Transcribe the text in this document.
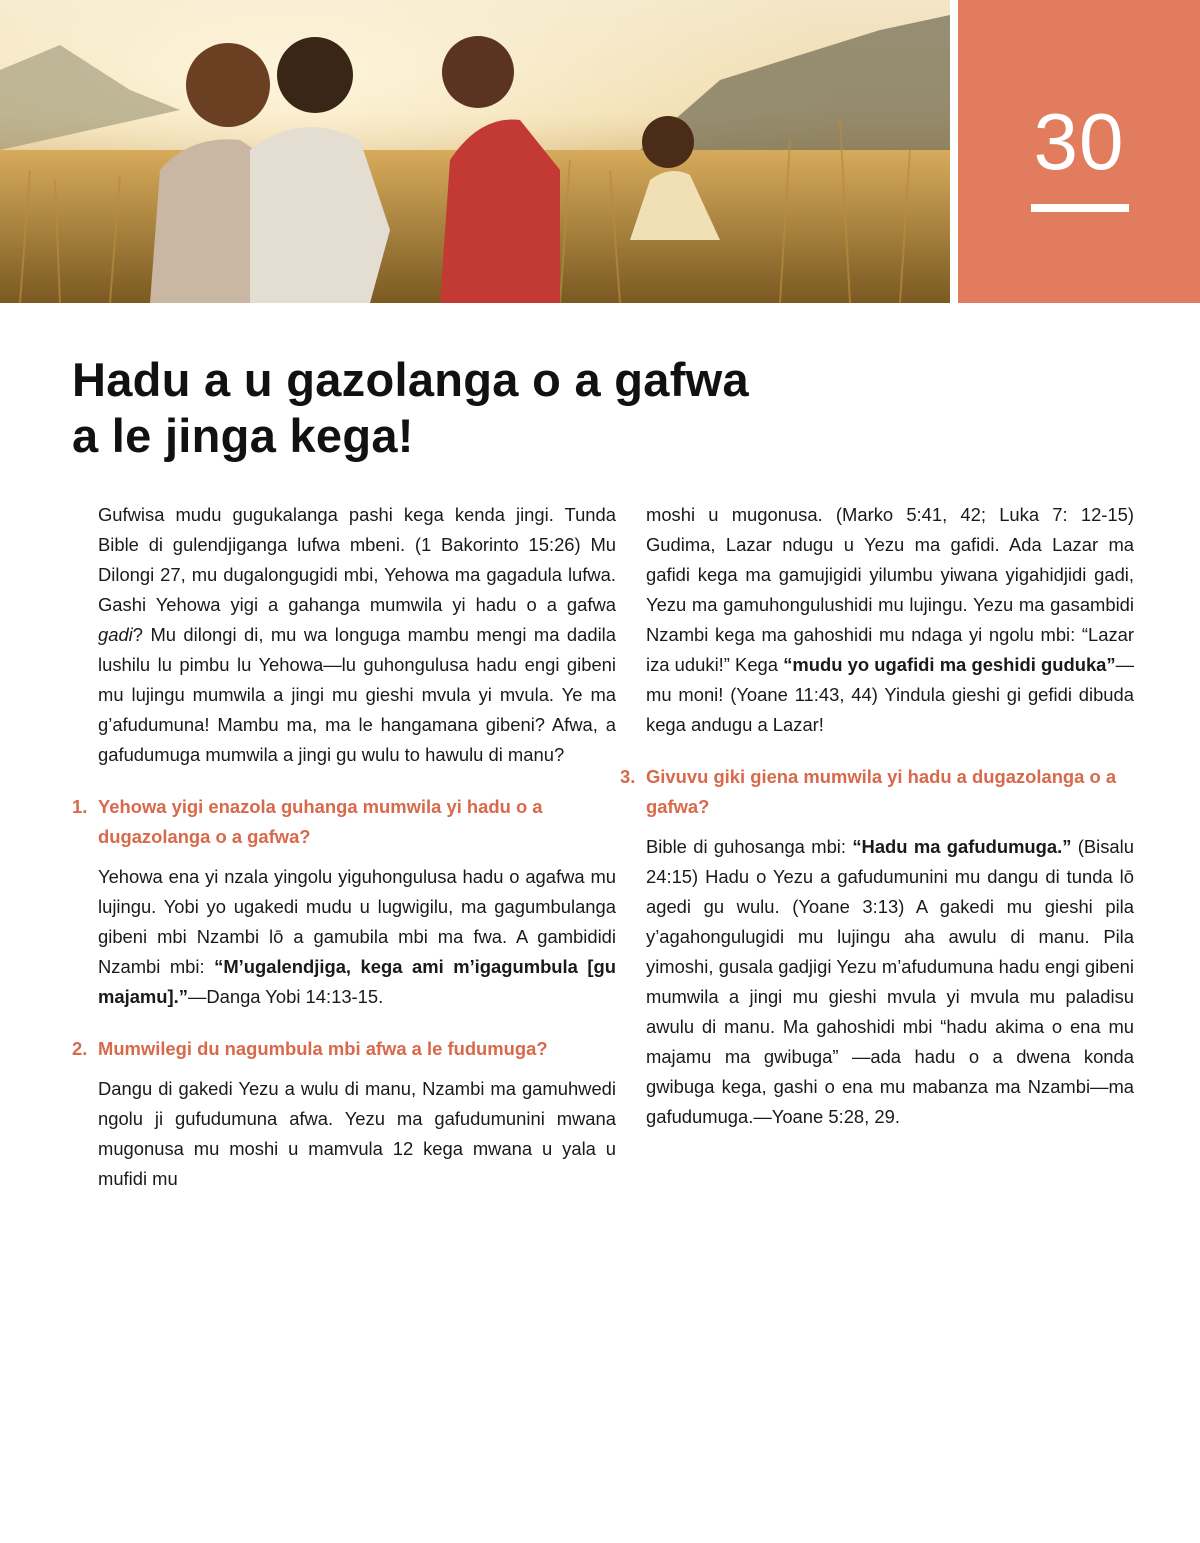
30
Hadu a u gazolanga o a gafwa a le jinga kega!

Gufwisa mudu gugukalanga pashi kega kenda jingi. Tunda Bible di gulendjiganga lufwa mbeni. (1 Bakorinto 15:26) Mu Dilongi 27, mu dugalongugidi mbi, Yehowa ma gagadula lufwa. Gashi Yehowa yigi a gahanga mumwila yi hadu o a gafwa gadi? Mu dilongi di, mu wa longuga mambu mengi ma dadila lushilu lu pimbu lu Yehowa—lu guhongulusa hadu engi gibeni mu lujingu mumwila a jingi mu gieshi mvula yi mvula. Ye ma g’afudumuna! Mambu ma, ma le hangamana gibeni? Afwa, a gafudumuga mumwila a jingi gu wulu to hawulu di manu?

1. Yehowa yigi enazola guhanga mumwila yi hadu o a dugazolanga o a gafwa?

Yehowa ena yi nzala yingolu yiguhongulusa hadu o agafwa mu lujingu. Yobi yo ugakedi mudu u lugwigilu, ma gagumbulanga gibeni mbi Nzambi lō a gamubila mbi ma fwa. A gambididi Nzambi mbi: “M’ugalendjiga, kega ami m’igagumbula [gu majamu].”—Danga Yobi 14:13-15.

2. Mumwilegi du nagumbula mbi afwa a le fudumuga?

Dangu di gakedi Yezu a wulu di manu, Nzambi ma gamuhwedi ngolu ji gufudumuna afwa. Yezu ma gafudumunini mwana mugonusa mu moshi u mamvula 12 kega mwana u yala u mufidi mu

moshi u mugonusa. (Marko 5:41, 42; Luka 7: 12-15) Gudima, Lazar ndugu u Yezu ma gafidi. Ada Lazar ma gafidi kega ma gamujigidi yilumbu yiwana yigahidjidi gadi, Yezu ma gamuhongulushidi mu lujingu. Yezu ma gasambidi Nzambi kega ma gahoshidi mu ndaga yi ngolu mbi: “Lazar iza uduki!” Kega “mudu yo ugafidi ma geshidi guduka”—mu moni! (Yoane 11:43, 44) Yindula gieshi gi gefidi dibuda kega andugu a Lazar!

3. Givuvu giki giena mumwila yi hadu a dugazolanga o a gafwa?

Bible di guhosanga mbi: “Hadu ma gafudumuga.” (Bisalu 24:15) Hadu o Yezu a gafudumunini mu dangu di tunda lō agedi gu wulu. (Yoane 3:13) A gakedi mu gieshi pila y’agahongulugidi mu lujingu aha awulu di manu. Pila yimoshi, gusala gadjigi Yezu m’afudumuna hadu engi gibeni mumwila a jingi mu gieshi mvula yi mvula mu paladisu awulu di manu. Ma gahoshidi mbi “hadu akima o ena mu majamu ma gwibuga” —ada hadu o a dwena konda gwibuga kega, gashi o ena mu mabanza ma Nzambi—ma gafudumuga.—Yoane 5:28, 29.
